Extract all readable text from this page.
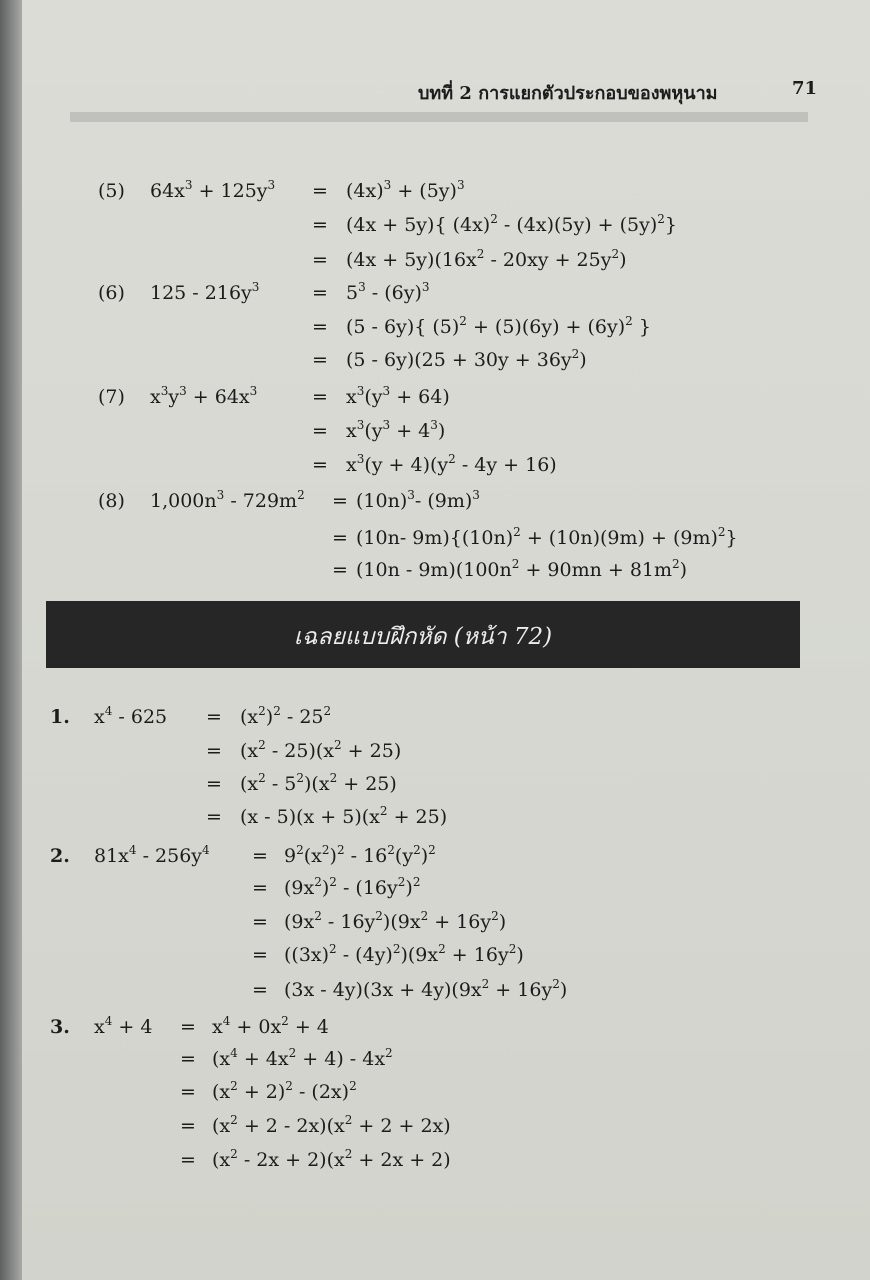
บทที่ 2 การแยกตัวประกอบของพหุนาม	71
(5) $64x^3 + 125y^3 = (4x)^3 + (5y)^3$
= (4x + 5y){ $(4x)^2 - (4x)(5y) + (5y)^2$}
= $(4x + 5y)(16x^2 - 20xy + 25y^2)$
(6) $125 - 216y^3$	= $5^3 - (6y)^3$
= (5 - 6y){ $(5)^2 + (5)(6y) + (6y)^2$ }
= $(5 - 6y)(25 + 30y + 36y^2)$
(7) $x^3y^3 + 64x^3$	= $x^3(y^3 + 64)$
= $x^3(y^3 + 4^3)$
= $x^3(y + 4)(y^2 - 4y + 16)$
(8) $1,000n^3 - 729m^2 = (10n)^3-$ $(9m)^3$
= (10n- $9m)\{(10n)^2 + (10n)(9m) + (9m)^2\}$
= $(10n - 9m)(100n^2 + 90mn + 81m^2)$
เฉลยแบบฝึกหัด (หน้า 72)
1. $x^4 - 625 = (x^2)^2 - 25^2$
= $(x^2 - 25)(x^2 + 25)$
= $(x^2 - 5^2)(x^2 + 25)$
= $(x - 5)(x + 5)(x^2 + 25)$
2. $81x^4 - 256y^4 = 9^2(x^2)^2 - 16^2(y^2)^2$
= $(9x^2)^2 - (16y^2)^2$
= $(9x^2 - 16y^2)(9x^2 + 16y^2)$
= $((3x)^2 - (4y)^2)(9x^2 + 16y^2)$
= $(3x - 4y)(3x + 4y)(9x^2 + 16y^2)$
3. $x^4 + 4 = x^4 + 0x^2 + 4$
= $(x^4 + 4x^2 + 4) - 4x^2$
= $(x^2 + 2)^2 - (2x)^2$
= $(x^2 + 2 - 2x)(x^2 + 2 + 2x)$
= $(x^2 - 2x + 2)(x^2 + 2x + 2)$
